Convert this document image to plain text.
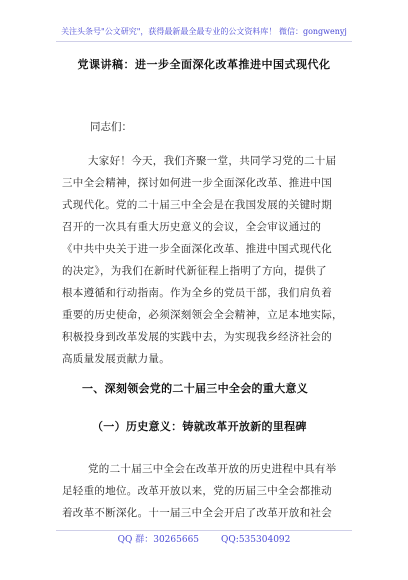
关注头条号"公文研究"，获得最新最全最专业的公文资料库！ 微信：gongwenyj
党课讲稿：进一步全面深化改革推进中国式现代化
同志们：
大家好！今天，我们齐聚一堂，共同学习党的二十届
三中全会精神，探讨如何进一步全面深化改革、推进中国
式现代化。党的二十届三中全会是在我国发展的关键时期
召开的一次具有重大历史意义的会议，全会审议通过的
《中共中央关于进一步全面深化改革、推进中国式现代化
的决定》，为我们在新时代新征程上指明了方向，提供了
根本遵循和行动指南。作为全乡的党员干部，我们肩负着
重要的历史使命，必须深刻领会全会精神，立足本地实际，
积极投身到改革发展的实践中去，为实现我乡经济社会的
高质量发展贡献力量。
一、深刻领会党的二十届三中全会的重大意义
（一）历史意义：铸就改革开放新的里程碑
党的二十届三中全会在改革开放的历史进程中具有举
足轻重的地位。改革开放以来，党的历届三中全会都推动
着改革不断深化。十一届三中全会开启了改革开放和社会
QQ 群：30265665 QQ:535304092
